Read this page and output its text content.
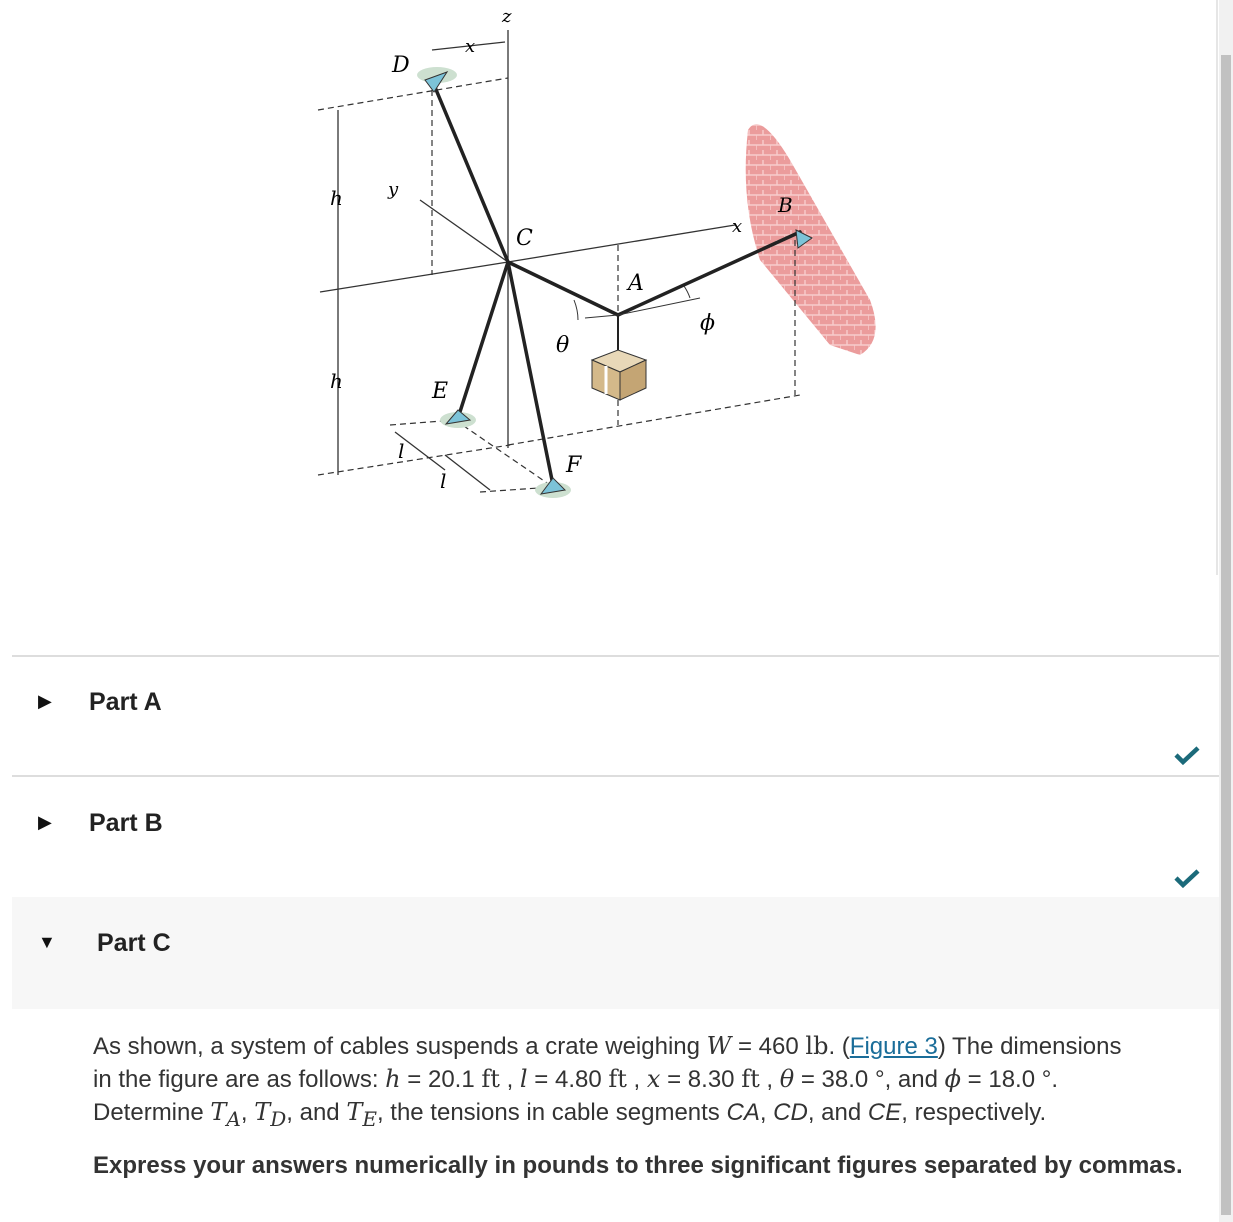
z
D
x
h	y
C
A
x
B
ϕ
θ
h	E
l
F
l
▶ Part A
▶ Part B
▼ Part C
As shown, a system of cables suspends a crate weighing W = 460 lb. (Figure 3) The dimensions
in the figure are as follows: h = 20.1 ft , l = 4.80 ft , x = 8.30 ft , θ = 38.0 °, and ϕ = 18.0 °.
Determine $T_A$, $T_D$, and $T_E$, the tensions in cable segments CA, CD, and CE, respectively.
Express your answers numerically in pounds to three significant figures separated by commas.
